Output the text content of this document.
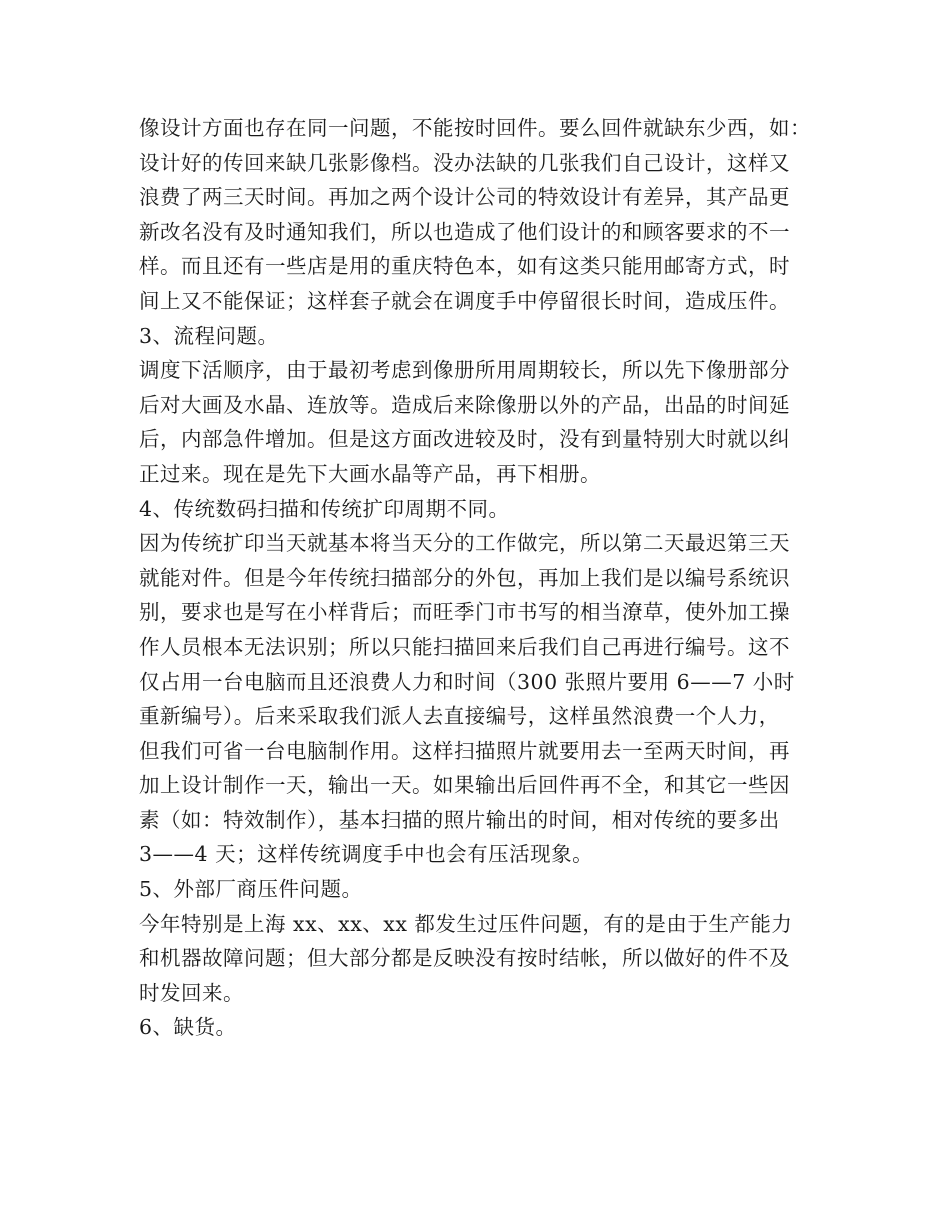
像设计方面也存在同一问题，不能按时回件。要么回件就缺东少西，如：
设计好的传回来缺几张影像档。没办法缺的几张我们自己设计，这样又
浪费了两三天时间。再加之两个设计公司的特效设计有差异，其产品更
新改名没有及时通知我们，所以也造成了他们设计的和顾客要求的不一
样。而且还有一些店是用的重庆特色本，如有这类只能用邮寄方式，时
间上又不能保证；这样套子就会在调度手中停留很长时间，造成压件。
3、流程问题。
调度下活顺序，由于最初考虑到像册所用周期较长，所以先下像册部分
后对大画及水晶、连放等。造成后来除像册以外的产品，出品的时间延
后，内部急件增加。但是这方面改进较及时，没有到量特别大时就以纠
正过来。现在是先下大画水晶等产品，再下相册。
4、传统数码扫描和传统扩印周期不同。
因为传统扩印当天就基本将当天分的工作做完，所以第二天最迟第三天
就能对件。但是今年传统扫描部分的外包，再加上我们是以编号系统识
别，要求也是写在小样背后；而旺季门市书写的相当潦草，使外加工操
作人员根本无法识别；所以只能扫描回来后我们自己再进行编号。这不
仅占用一台电脑而且还浪费人力和时间（300 张照片要用 6——7 小时
重新编号）。后来采取我们派人去直接编号，这样虽然浪费一个人力，
但我们可省一台电脑制作用。这样扫描照片就要用去一至两天时间，再
加上设计制作一天，输出一天。如果输出后回件再不全，和其它一些因
素（如：特效制作），基本扫描的照片输出的时间，相对传统的要多出
3——4 天；这样传统调度手中也会有压活现象。
5、外部厂商压件问题。
今年特别是上海 xx、xx、xx 都发生过压件问题，有的是由于生产能力
和机器故障问题；但大部分都是反映没有按时结帐，所以做好的件不及
时发回来。
6、缺货。
